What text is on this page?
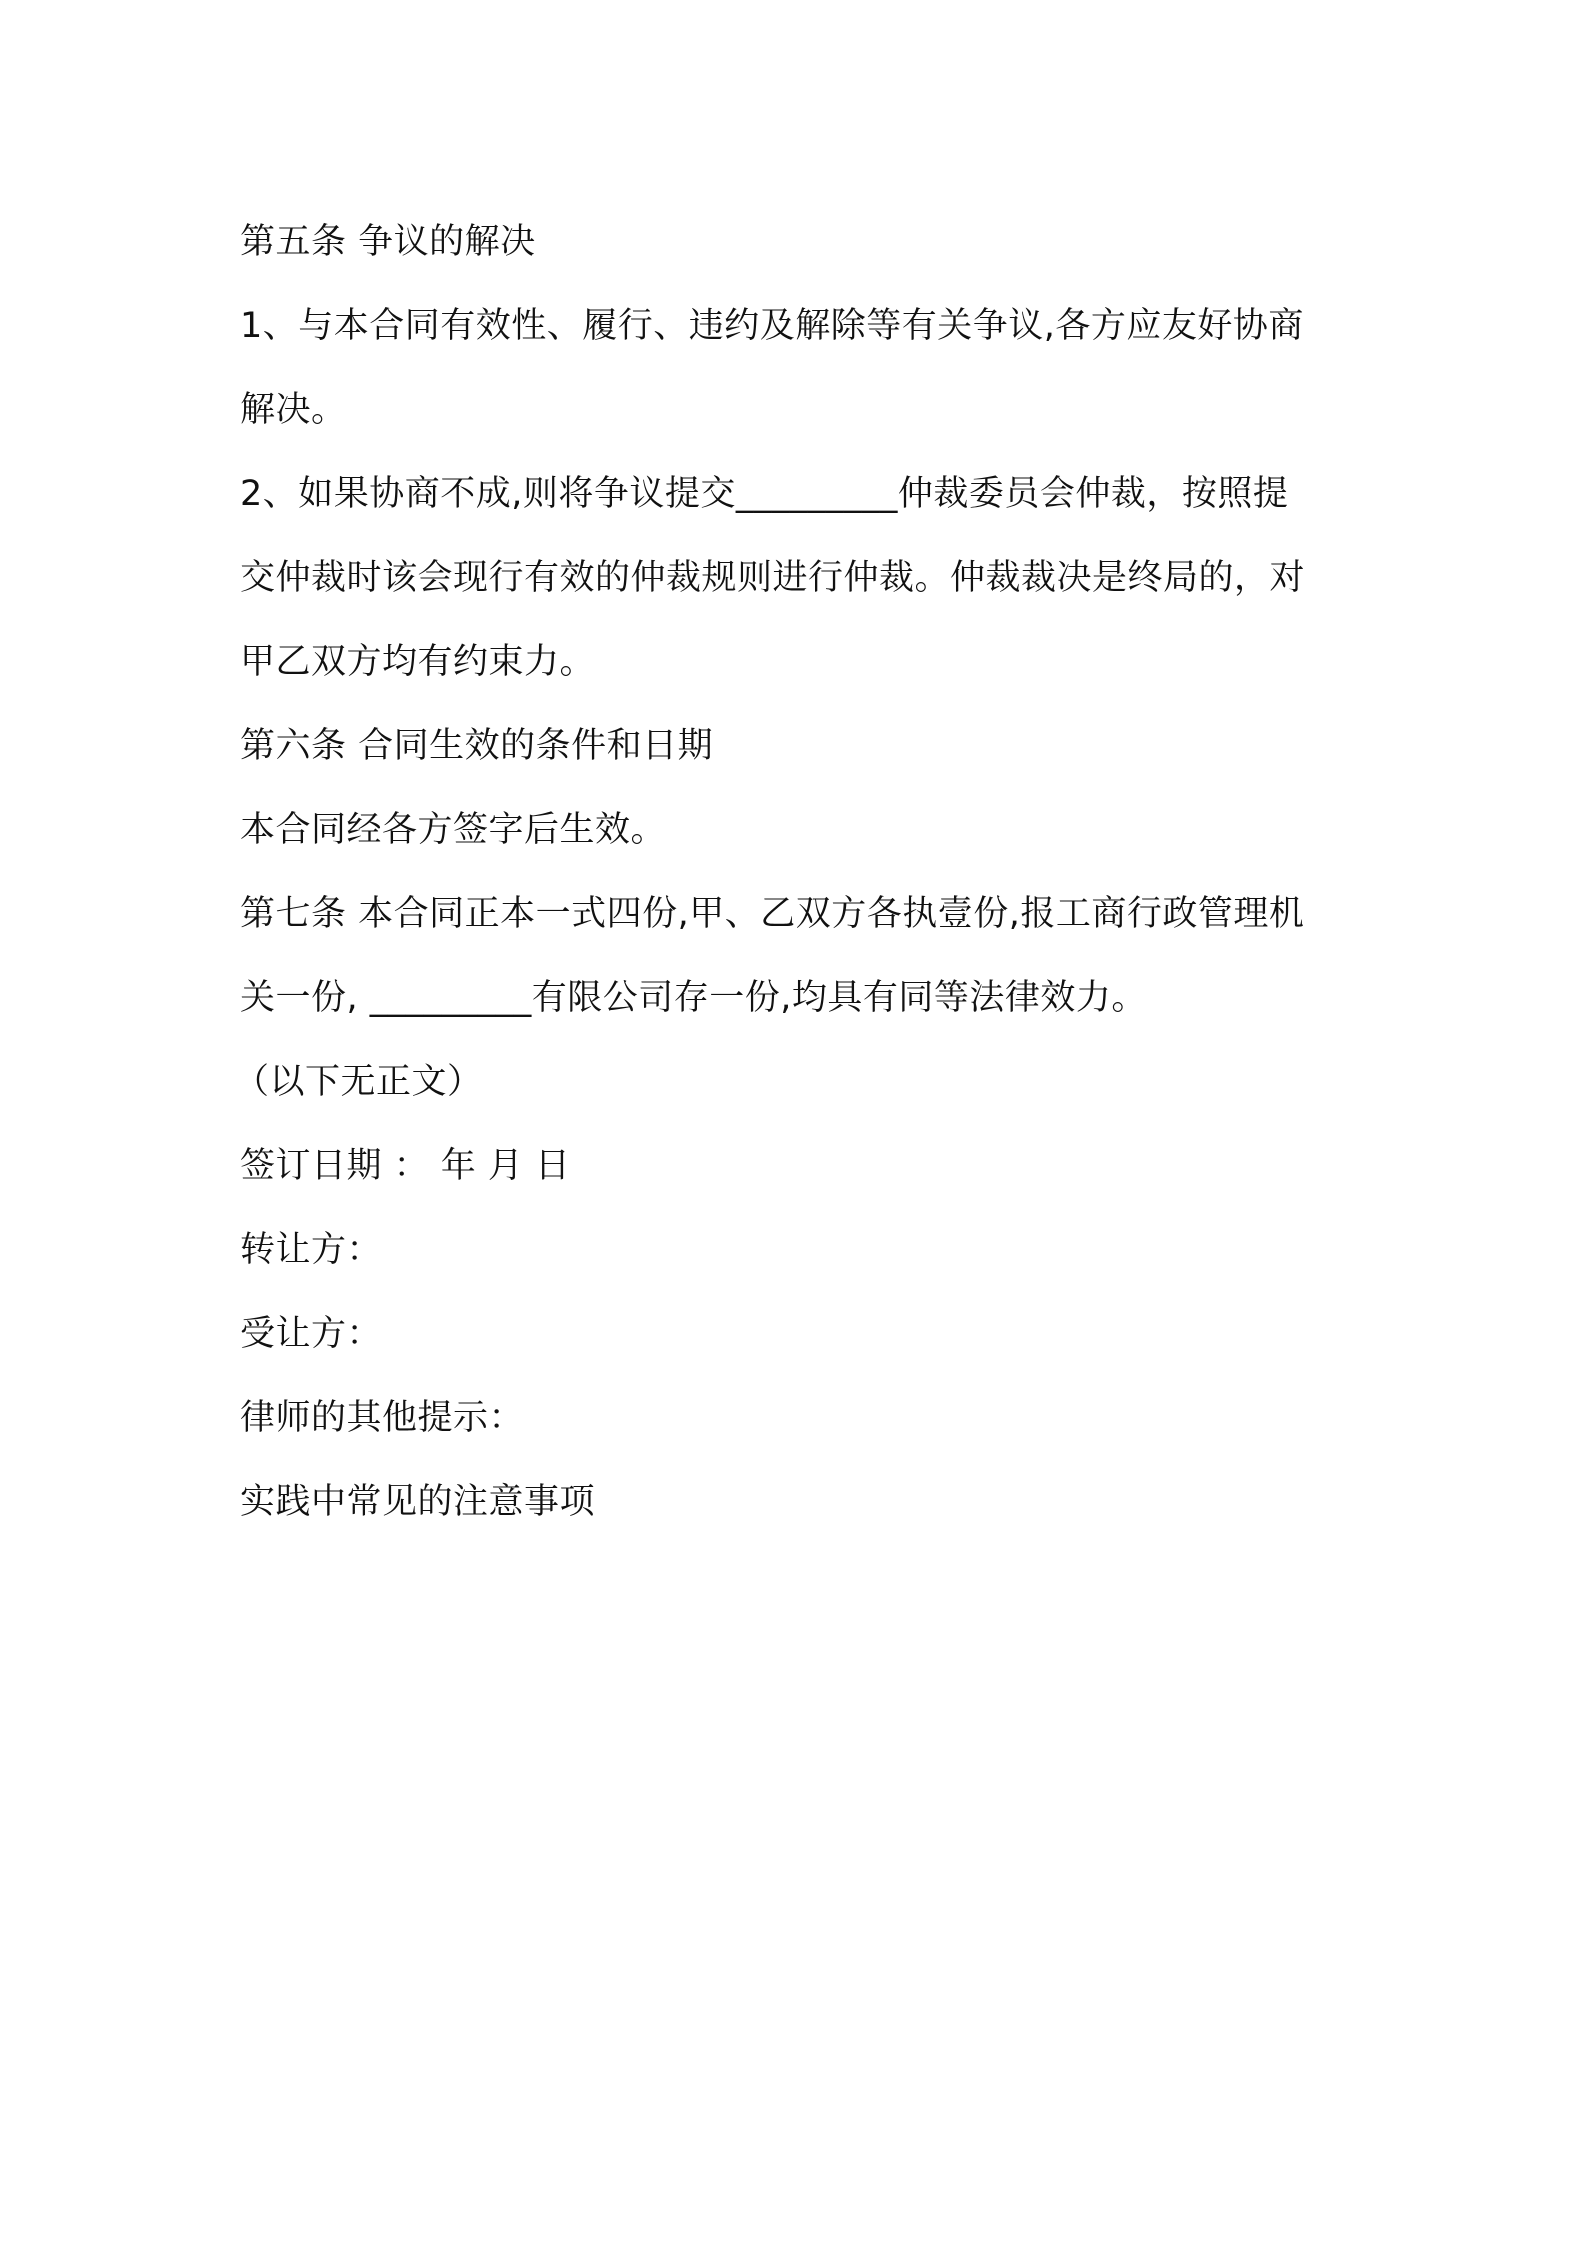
第五条 争议的解决
1、与本合同有效性、履行、违约及解除等有关争议,各方应友好协商
解决。
2、如果协商不成,则将争议提交_________仲裁委员会仲裁，按照提
交仲裁时该会现行有效的仲裁规则进行仲裁。仲裁裁决是终局的，对
甲乙双方均有约束力。
第六条 合同生效的条件和日期
本合同经各方签字后生效。
第七条 本合同正本一式四份,甲、乙双方各执壹份,报工商行政管理机
关一份, _________有限公司存一份,均具有同等法律效力。
（以下无正文）
签订日期 ： 年 月 日
转让方：
受让方：
律师的其他提示：
实践中常见的注意事项
